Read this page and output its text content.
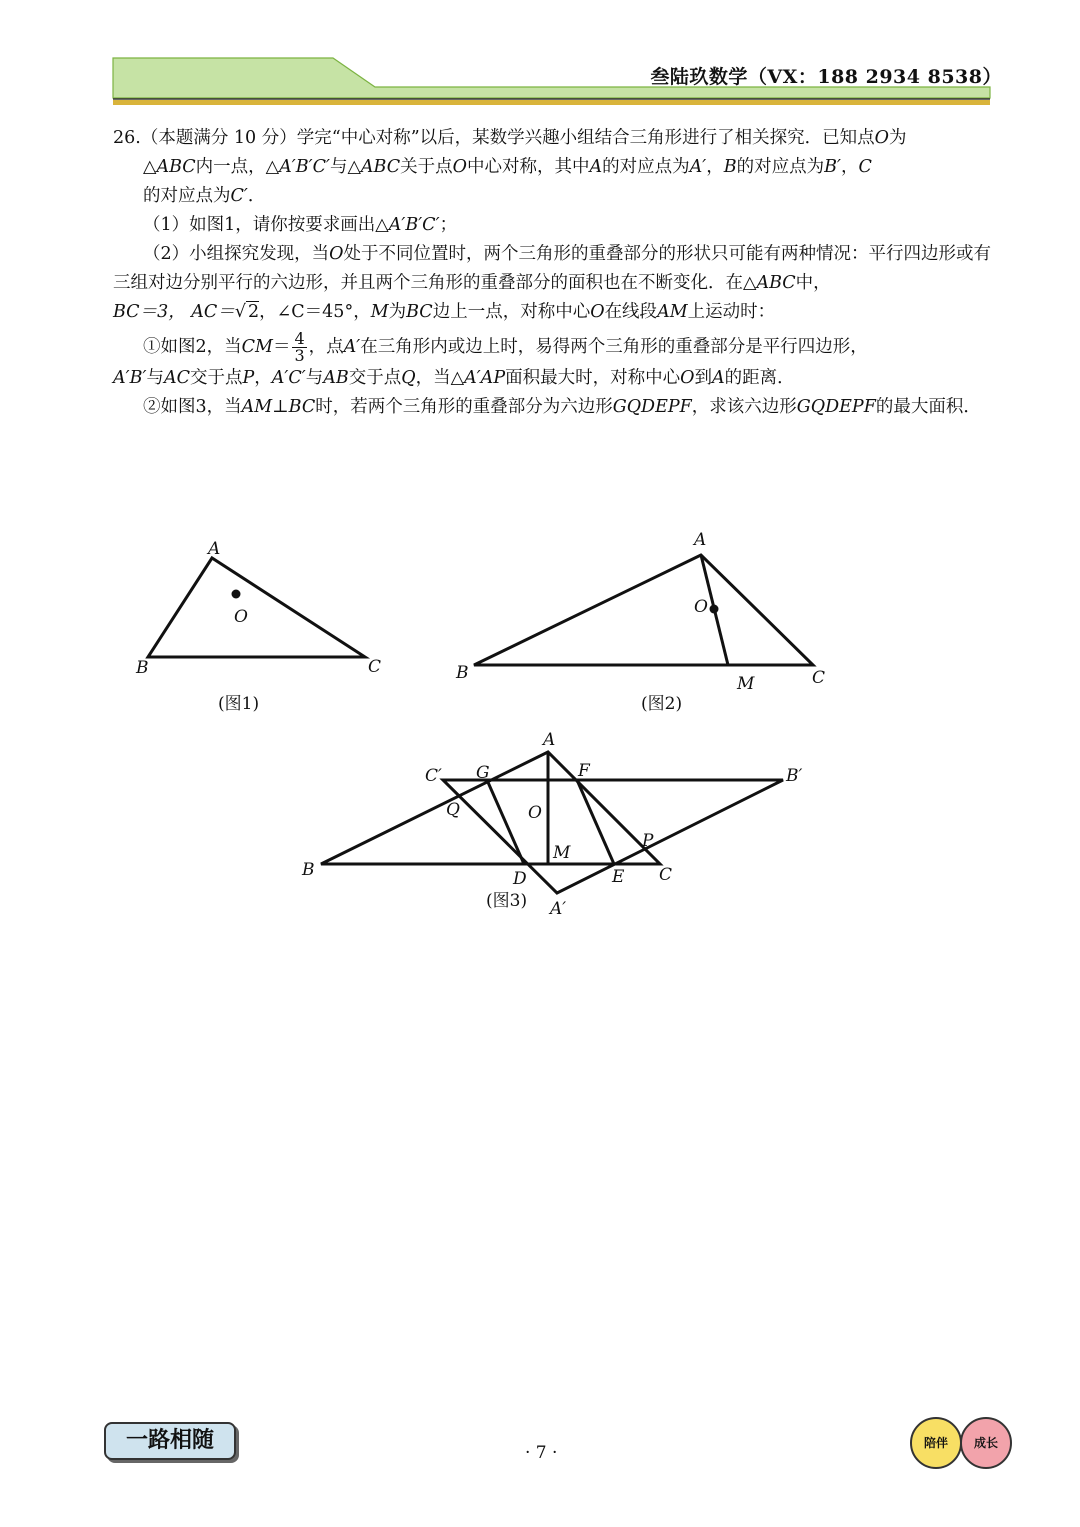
叁陆玖数学（VX：188 2934 8538）

26.（本题满分 10 分）学完“中心对称”以后，某数学兴趣小组结合三角形进行了相关探究．已知点O为
△ABC内一点，△A′B′C′与△ABC关于点O中心对称，其中A的对应点为A′，B的对应点为B′，C
的对应点为C′．

（1）如图1，请你按要求画出△A′B′C′；

（2）小组探究发现，当O处于不同位置时，两个三角形的重叠部分的形状只可能有两种情况：平行四边形或有三组对边分别平行的六边形，并且两个三角形的重叠部分的面积也在不断变化．在△ABC中，
BC＝3， AC＝√ 2，∠C＝45°，M为BC边上一点，对称中心O在线段AM上运动时：

①如图2，当$CM= \frac{4}{3}$ ，点A′在三角形内或边上时，易得两个三角形的重叠部分是平行四边形，
A′B′与AC交于点P，A′C′与AB交于点Q，当△A′AP面积最大时，对称中心O到A的距离．

②如图3，当AM⊥BC时，若两个三角形的重叠部分为六边形GQDEPF，求该六边形GQDEPF的最大面积．

A
O
B	C
(图1)
A
O
B
M	C
(图2)
A
C′ G	F	B′
Q	O
P
B
M
D	E C
A′
(图3)
一路相随	· 7 ·	陪伴	成长
